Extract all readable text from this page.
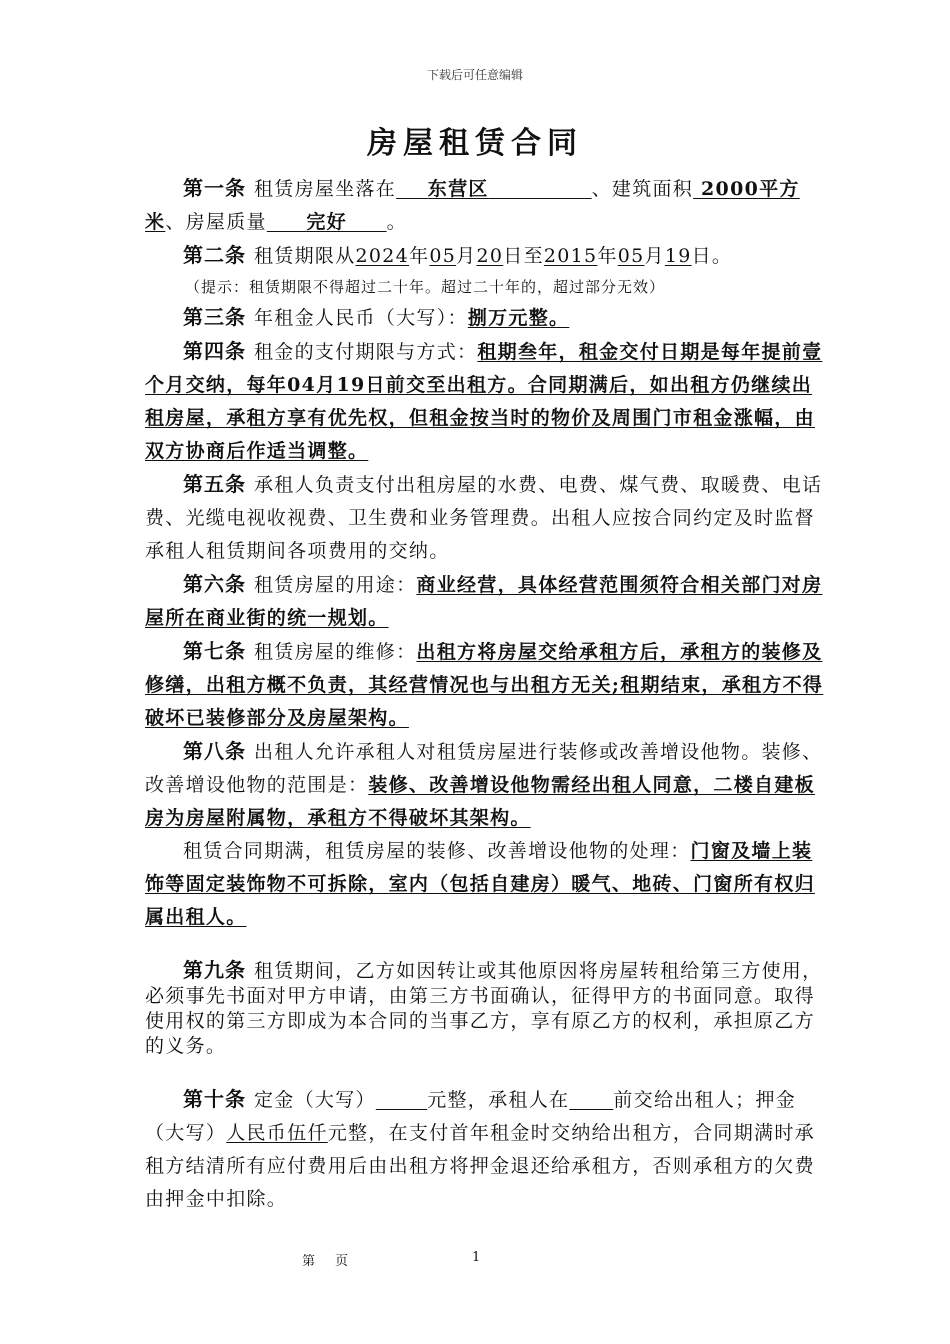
下载后可任意编辑
房屋租赁合同

第一条 租赁房屋坐落在 东营区	、建筑面积 2000平方米、房屋质量 完好 。

第二条 租赁期限从2024年05月20日至2015年05月19日。

（提示：租赁期限不得超过二十年。超过二十年的，超过部分无效）

第三条 年租金人民币（大写）：捌万元整。

第四条 租金的支付期限与方式：租期叁年，租金交付日期是每年提前壹个月交纳，每年04月19日前交至出租方。合同期满后，如出租方仍继续出租房屋，承租方享有优先权，但租金按当时的物价及周围门市租金涨幅，由双方协商后作适当调整。

第五条 承租人负责支付出租房屋的水费、电费、煤气费、取暖费、电话费、光缆电视收视费、卫生费和业务管理费。出租人应按合同约定及时监督承租人租赁期间各项费用的交纳。

第六条 租赁房屋的用途：商业经营，具体经营范围须符合相关部门对房屋所在商业街的统一规划。

第七条 租赁房屋的维修：出租方将房屋交给承租方后，承租方的装修及修缮，出租方概不负责，其经营情况也与出租方无关;租期结束，承租方不得破坏已装修部分及房屋架构。

第八条 出租人允许承租人对租赁房屋进行装修或改善增设他物。装修、改善增设他物的范围是：装修、改善增设他物需经出租人同意，二楼自建板房为房屋附属物，承租方不得破坏其架构。

租赁合同期满，租赁房屋的装修、改善增设他物的处理：门窗及墙上装饰等固定装饰物不可拆除，室内（包括自建房）暖气、地砖、门窗所有权归属出租人。

第九条 租赁期间，乙方如因转让或其他原因将房屋转租给第三方使用，必须事先书面对甲方申请，由第三方书面确认，征得甲方的书面同意。取得使用权的第三方即成为本合同的当事乙方，享有原乙方的权利，承担原乙方的义务。

第十条 定金（大写）	元整，承租人在 前交给出租人；押金（大写）人民币伍仟元整，在支付首年租金时交纳给出租方，合同期满时承租方结清所有应付费用后由出租方将押金退还给承租方，否则承租方的欠费由押金中扣除。

第 页	1
